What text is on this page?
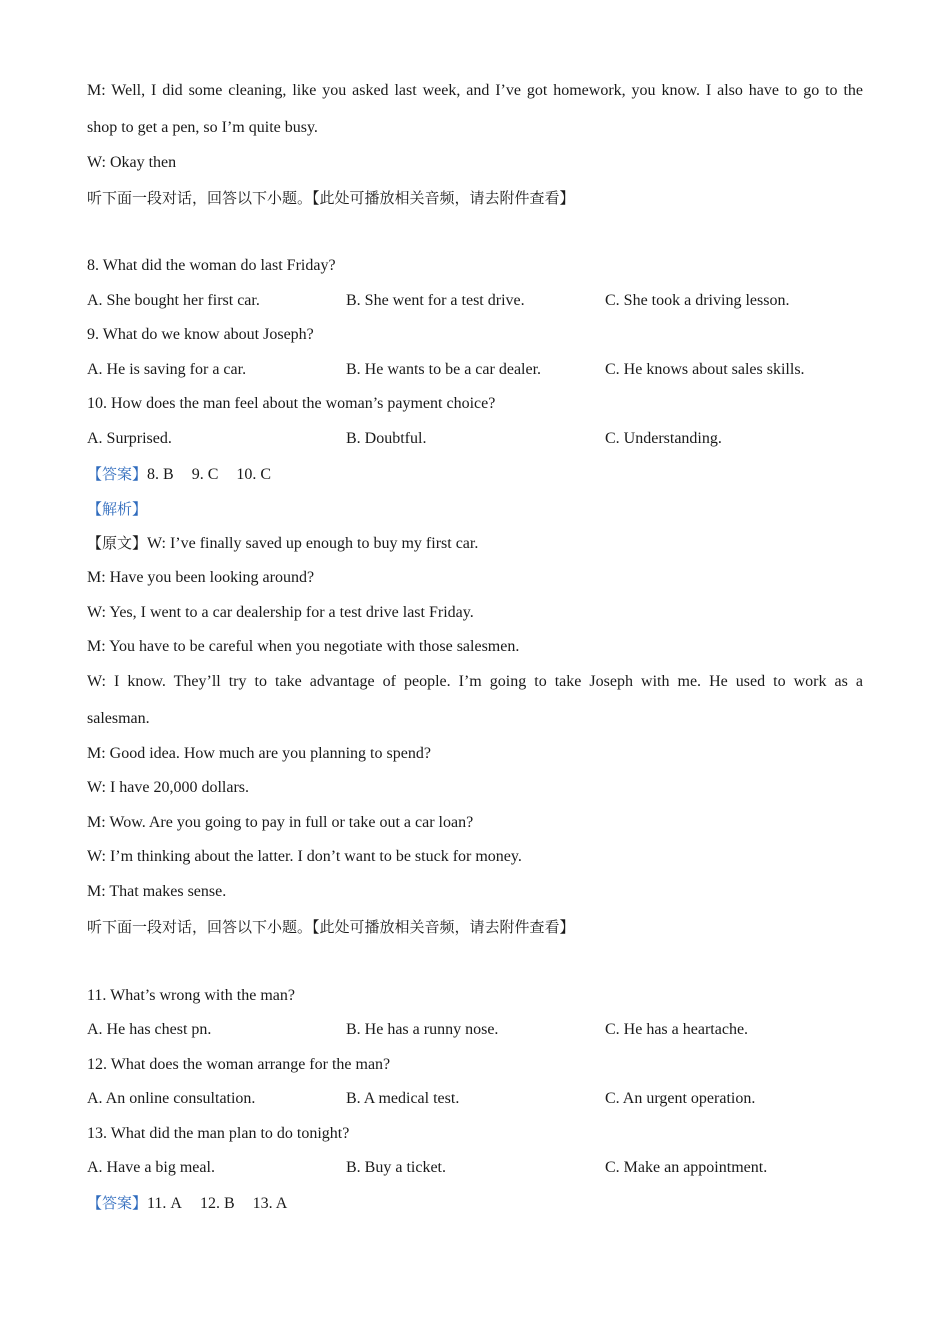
M: Well, I did some cleaning, like you asked last week, and I’ve got homework, you know. I also have to go to the
shop to get a pen, so I’m quite busy.
W: Okay then
听下面一段对话，回答以下小题。【此处可播放相关音频，请去附件查看】
8. What did the woman do last Friday?
A. She bought her first car.	B. She went for a test drive.	C. She took a driving lesson.
9. What do we know about Joseph?
A. He is saving for a car.	B. He wants to be a car dealer.	C. He knows about sales skills.
10. How does the man feel about the woman’s payment choice?
A. Surprised.	B. Doubtful.	C. Understanding.
【答案】8. B 9. C 10. C
【解析】
【原文】W: I’ve finally saved up enough to buy my first car.
M: Have you been looking around?
W: Yes, I went to a car dealership for a test drive last Friday.
M: You have to be careful when you negotiate with those salesmen.
W: I know. They’ll try to take advantage of people. I’m going to take Joseph with me. He used to work as a
salesman.
M: Good idea. How much are you planning to spend?
W: I have 20,000 dollars.
M: Wow. Are you going to pay in full or take out a car loan?
W: I’m thinking about the latter. I don’t want to be stuck for money.
M: That makes sense.
听下面一段对话，回答以下小题。【此处可播放相关音频，请去附件查看】
11. What’s wrong with the man?
A. He has chest pn.	B. He has a runny nose.	C. He has a heartache.
12. What does the woman arrange for the man?
A. An online consultation.	B. A medical test.	C. An urgent operation.
13. What did the man plan to do tonight?
A. Have a big meal.	B. Buy a ticket.	C. Make an appointment.
【答案】11. A 12. B 13. A
